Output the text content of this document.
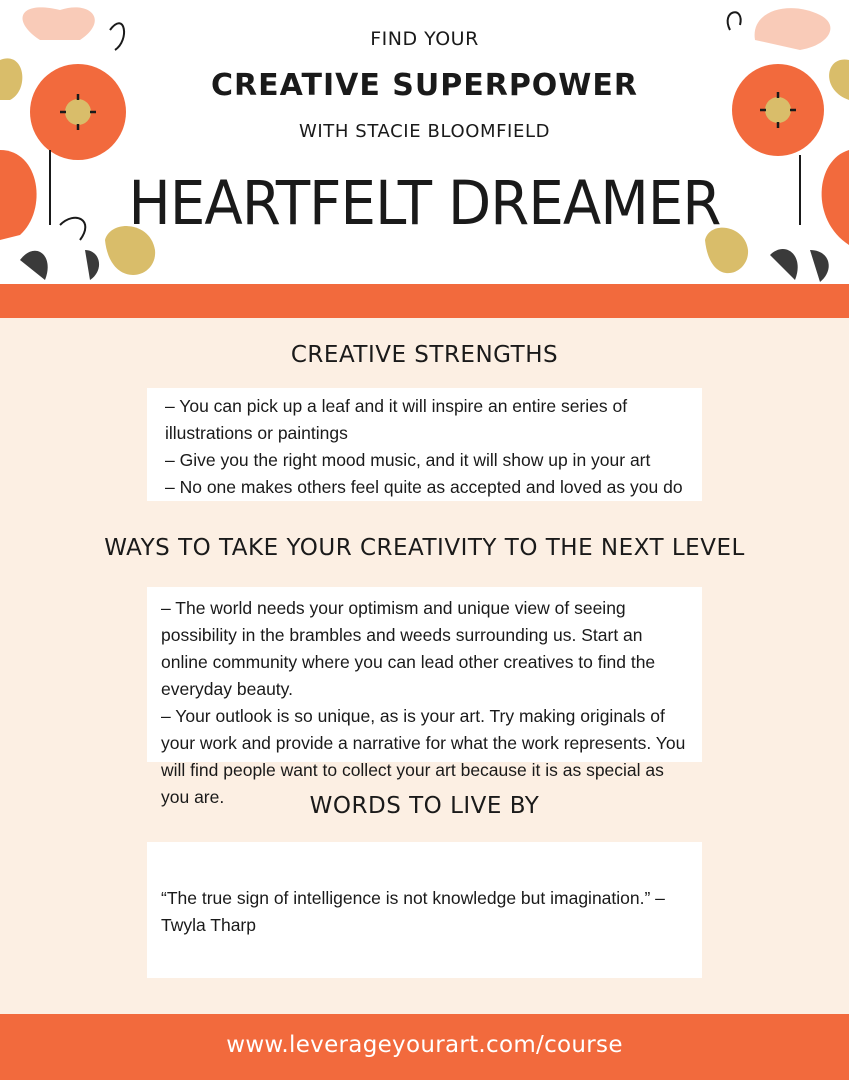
FIND YOUR

CREATIVE SUPERPOWER

WITH STACIE BLOOMFIELD

HEARTFELT DREAMER

CREATIVE STRENGTHS

– You can pick up a leaf and it will inspire an entire series of illustrations or paintings

– Give you the right mood music, and it will show up in your art

– No one makes others feel quite as accepted and loved as you do

WAYS TO TAKE YOUR CREATIVITY TO THE NEXT LEVEL

– The world needs your optimism and unique view of seeing possibility in the brambles and weeds surrounding us. Start an online community where you can lead other creatives to find the everyday beauty.

– Your outlook is so unique, as is your art. Try making originals of your work and provide a narrative for what the work represents. You will find people want to collect your art because it is as special as you are.	WORDS TO LIVE BY

“The true sign of intelligence is not knowledge but imagination.” – Twyla Tharp

www.leverageyourart.com/course
